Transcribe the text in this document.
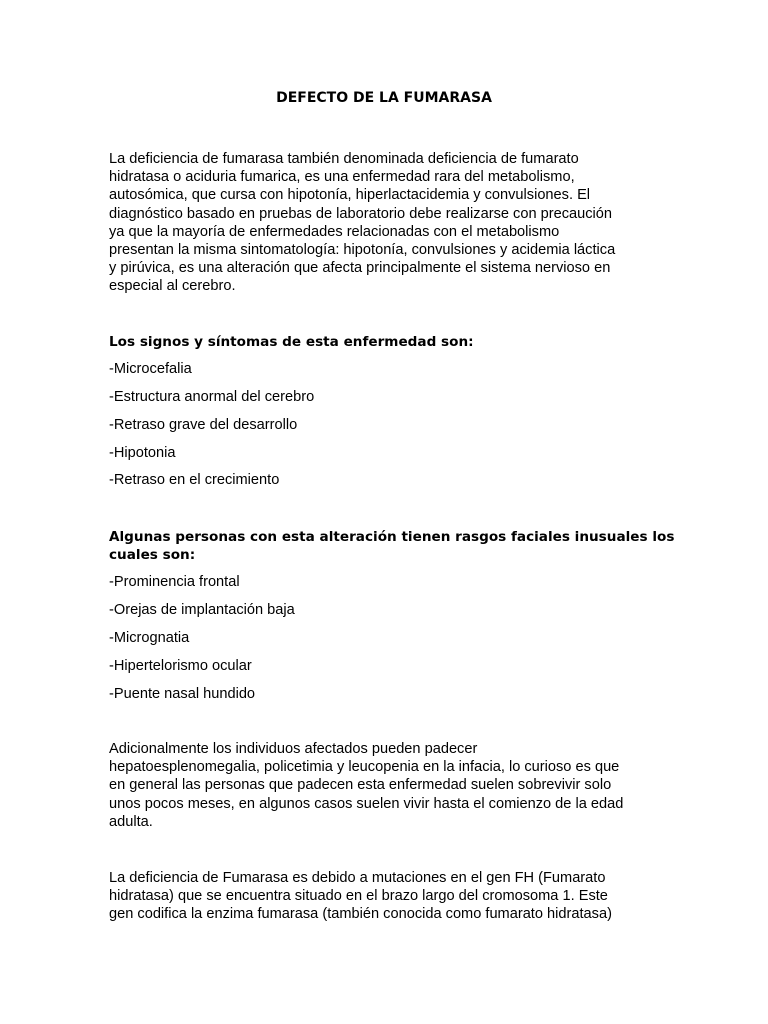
DEFECTO DE LA FUMARASA
La deficiencia de fumarasa también denominada deficiencia de fumarato
hidratasa o aciduria fumarica, es una enfermedad rara del metabolismo,
autosómica, que cursa con hipotonía, hiperlactacidemia y convulsiones. El
diagnóstico basado en pruebas de laboratorio debe realizarse con precaución
ya que la mayoría de enfermedades relacionadas con el metabolismo
presentan la misma sintomatología: hipotonía, convulsiones y acidemia láctica
y pirúvica, es una alteración que afecta principalmente el sistema nervioso en
especial al cerebro.
Los signos y síntomas de esta enfermedad son:
-Microcefalia
-Estructura anormal del cerebro
-Retraso grave del desarrollo
-Hipotonia
-Retraso en el crecimiento
Algunas personas con esta alteración tienen rasgos faciales inusuales los
cuales son:
-Prominencia frontal
-Orejas de implantación baja
-Micrognatia
-Hipertelorismo ocular
-Puente nasal hundido
Adicionalmente los individuos afectados pueden padecer
hepatoesplenomegalia, policetimia y leucopenia en la infacia, lo curioso es que
en general las personas que padecen esta enfermedad suelen sobrevivir solo
unos pocos meses, en algunos casos suelen vivir hasta el comienzo de la edad
adulta.
La deficiencia de Fumarasa es debido a mutaciones en el gen FH (Fumarato
hidratasa) que se encuentra situado en el brazo largo del cromosoma 1. Este
gen codifica la enzima fumarasa (también conocida como fumarato hidratasa)
